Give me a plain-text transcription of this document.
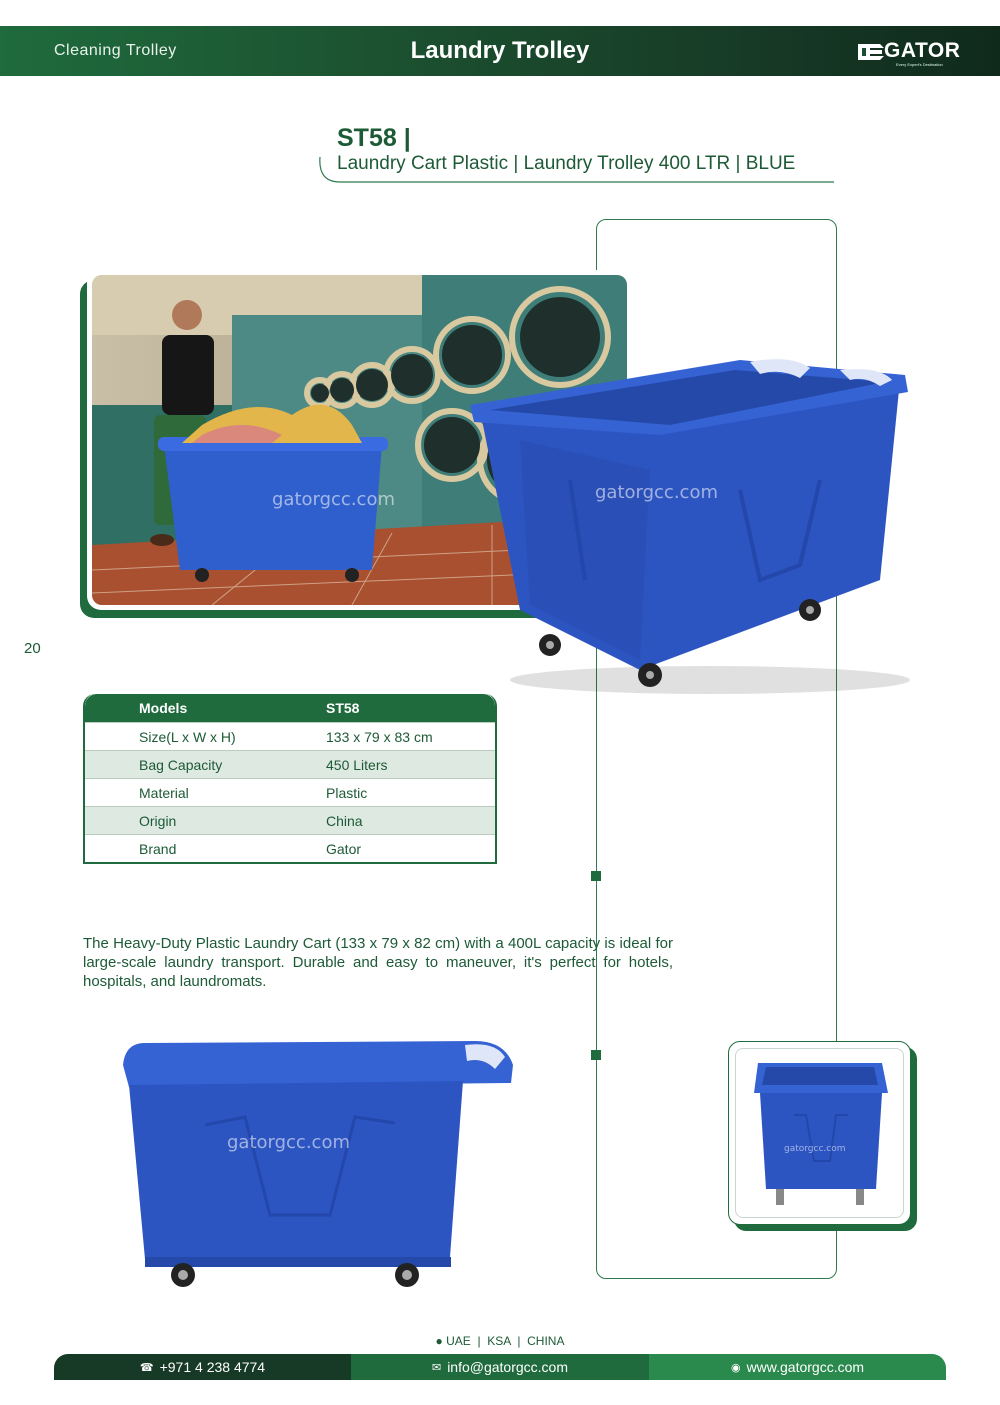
Cleaning Trolley	Laundry Trolley	GATOR
Every Expert's Destination
ST58 |
Laundry Cart Plastic | Laundry Trolley 400 LTR | BLUE
20
gatorgcc.com	gatorgcc.com
Models	ST58
Size(L x W x H)	133 x 79 x 83 cm
Bag Capacity	450 Liters
Material	Plastic
Origin	China
Brand	Gator
The Heavy-Duty Plastic Laundry Cart (133 x 79 x 82 cm) with a 400L capacity is ideal for large-scale laundry transport. Durable and easy to maneuver, it's perfect for hotels, hospitals, and laundromats.
gatorgcc.com	gatorgcc.com
● UAE | KSA | CHINA
☎ +971 4 238 4774	✉ info@gatorgcc.com	◉ www.gatorgcc.com
